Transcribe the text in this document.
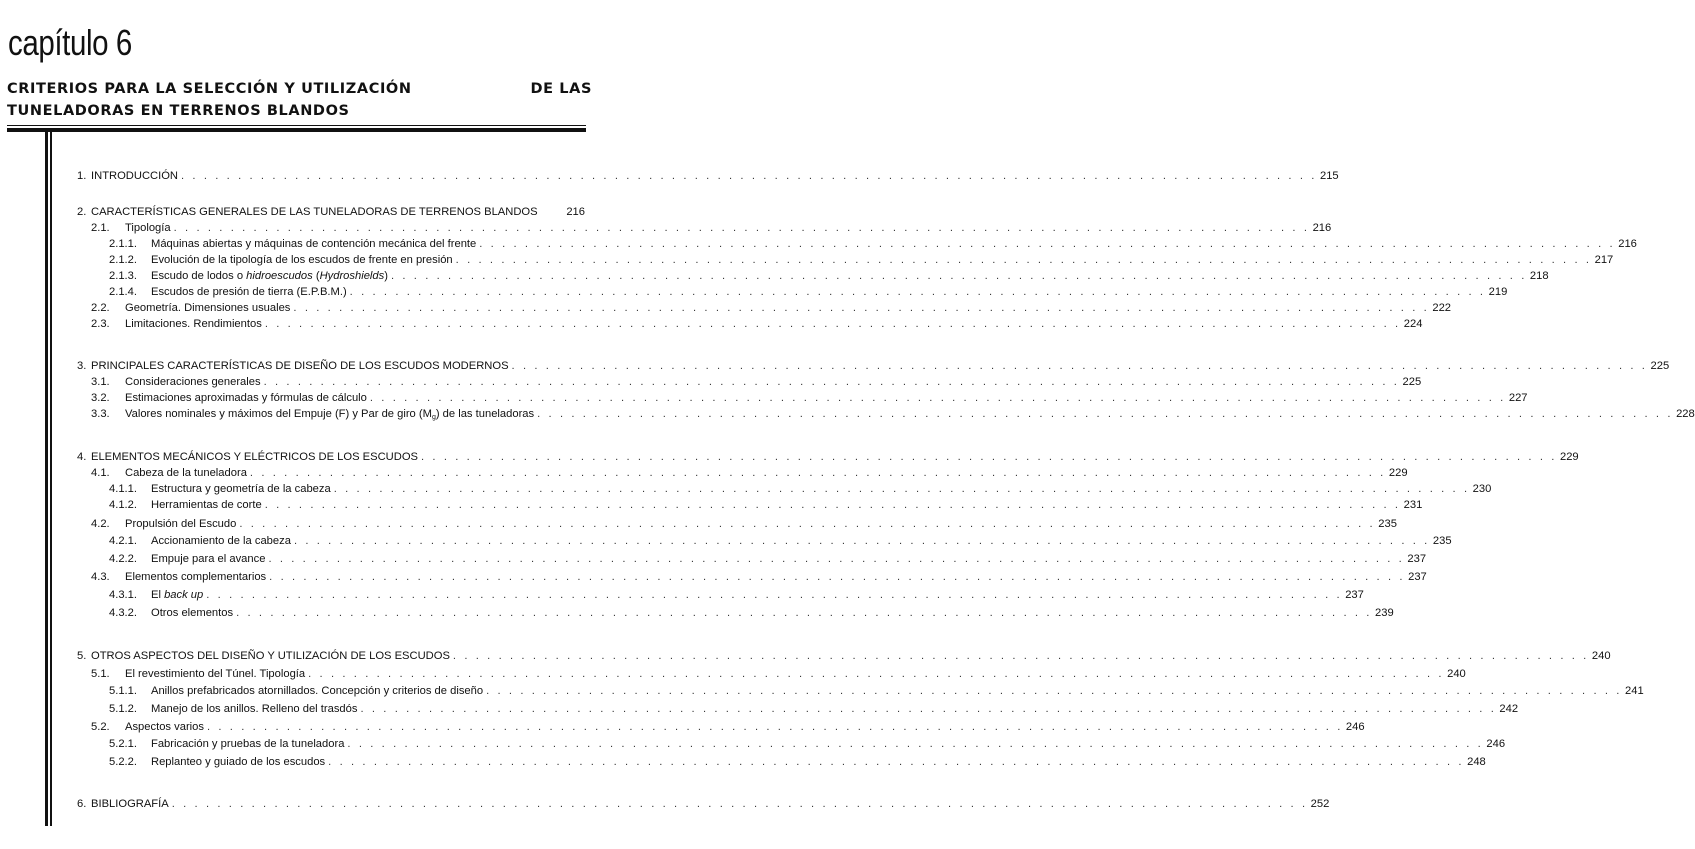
capítulo 6
CRITERIOS PARA LA SELECCIÓN Y UTILIZACIÓN	DE LAS
TUNELADORAS EN TERRENOS BLANDOS
1. INTRODUCCIÓN . . . . . . . . . . . . . . . . . . . . . . . . . . . . . . . . . . . . . . . . . . . . . . . . . . . . . . . . . . . . . . . . . . . . . . . . . . . . . . . . . . . . . . . . . . . . . . . . . . . . 215
2. CARACTERÍSTICAS GENERALES DE LAS TUNELADORAS DE TERRENOS BLANDOS	216
2.1.	Tipología . . . . . . . . . . . . . . . . . . . . . . . . . . . . . . . . . . . . . . . . . . . . . . . . . . . . . . . . . . . . . . . . . . . . . . . . . . . . . . . . . . . . . . . . . . . . . . . . . . . . 216
2.1.1.	Máquinas abiertas y máquinas de contención mecánica del frente . . . . . . . . . . . . . . . . . . . . . . . . . . . . . . . . . . . . . . . . . . . . . . . . . . . . . . . . . . . . . . . . . . . . . . . . . . . . . . . . . . . . . . . . . . . . . . . . . . . . 216
2.1.2.	Evolución de la tipología de los escudos de frente en presión . . . . . . . . . . . . . . . . . . . . . . . . . . . . . . . . . . . . . . . . . . . . . . . . . . . . . . . . . . . . . . . . . . . . . . . . . . . . . . . . . . . . . . . . . . . . . . . . . . . . 217
2.1.3.	Escudo de lodos o hidroescudos (Hydroshields) . . . . . . . . . . . . . . . . . . . . . . . . . . . . . . . . . . . . . . . . . . . . . . . . . . . . . . . . . . . . . . . . . . . . . . . . . . . . . . . . . . . . . . . . . . . . . . . . . . . . 218
2.1.4.	Escudos de presión de tierra (E.P.B.M.) . . . . . . . . . . . . . . . . . . . . . . . . . . . . . . . . . . . . . . . . . . . . . . . . . . . . . . . . . . . . . . . . . . . . . . . . . . . . . . . . . . . . . . . . . . . . . . . . . . . . 219
2.2.	Geometría. Dimensiones usuales . . . . . . . . . . . . . . . . . . . . . . . . . . . . . . . . . . . . . . . . . . . . . . . . . . . . . . . . . . . . . . . . . . . . . . . . . . . . . . . . . . . . . . . . . . . . . . . . . . . . 222
2.3.	Limitaciones. Rendimientos . . . . . . . . . . . . . . . . . . . . . . . . . . . . . . . . . . . . . . . . . . . . . . . . . . . . . . . . . . . . . . . . . . . . . . . . . . . . . . . . . . . . . . . . . . . . . . . . . . . . 224
3. PRINCIPALES CARACTERÍSTICAS DE DISEÑO DE LOS ESCUDOS MODERNOS . . . . . . . . . . . . . . . . . . . . . . . . . . . . . . . . . . . . . . . . . . . . . . . . . . . . . . . . . . . . . . . . . . . . . . . . . . . . . . . . . . . . . . . . . . . . . . . . . . . . 225
3.1.	Consideraciones generales . . . . . . . . . . . . . . . . . . . . . . . . . . . . . . . . . . . . . . . . . . . . . . . . . . . . . . . . . . . . . . . . . . . . . . . . . . . . . . . . . . . . . . . . . . . . . . . . . . . . 225
3.2.	Estimaciones aproximadas y fórmulas de cálculo . . . . . . . . . . . . . . . . . . . . . . . . . . . . . . . . . . . . . . . . . . . . . . . . . . . . . . . . . . . . . . . . . . . . . . . . . . . . . . . . . . . . . . . . . . . . . . . . . . . . 227
3.3.	Valores nominales y máximos del Empuje (F) y Par de giro $(M_g)$ de las tuneladoras . . . . . . . . . . . . . . . . . . . . . . . . . . . . . . . . . . . . . . . . . . . . . . . . . . . . . . . . . . . . . . . . . . . . . . . . . . . . . . . . . . . . . . . . . . . . . . . . . . . . 228
4. ELEMENTOS MECÁNICOS Y ELÉCTRICOS DE LOS ESCUDOS . . . . . . . . . . . . . . . . . . . . . . . . . . . . . . . . . . . . . . . . . . . . . . . . . . . . . . . . . . . . . . . . . . . . . . . . . . . . . . . . . . . . . . . . . . . . . . . . . . . . 229
4.1.	Cabeza de la tuneladora . . . . . . . . . . . . . . . . . . . . . . . . . . . . . . . . . . . . . . . . . . . . . . . . . . . . . . . . . . . . . . . . . . . . . . . . . . . . . . . . . . . . . . . . . . . . . . . . . . . . 229
4.1.1.	Estructura y geometría de la cabeza . . . . . . . . . . . . . . . . . . . . . . . . . . . . . . . . . . . . . . . . . . . . . . . . . . . . . . . . . . . . . . . . . . . . . . . . . . . . . . . . . . . . . . . . . . . . . . . . . . . . 230
4.1.2.	Herramientas de corte . . . . . . . . . . . . . . . . . . . . . . . . . . . . . . . . . . . . . . . . . . . . . . . . . . . . . . . . . . . . . . . . . . . . . . . . . . . . . . . . . . . . . . . . . . . . . . . . . . . . 231
4.2.	Propulsión del Escudo . . . . . . . . . . . . . . . . . . . . . . . . . . . . . . . . . . . . . . . . . . . . . . . . . . . . . . . . . . . . . . . . . . . . . . . . . . . . . . . . . . . . . . . . . . . . . . . . . . . . 235
4.2.1.	Accionamiento de la cabeza . . . . . . . . . . . . . . . . . . . . . . . . . . . . . . . . . . . . . . . . . . . . . . . . . . . . . . . . . . . . . . . . . . . . . . . . . . . . . . . . . . . . . . . . . . . . . . . . . . . . 235
4.2.2.	Empuje para el avance . . . . . . . . . . . . . . . . . . . . . . . . . . . . . . . . . . . . . . . . . . . . . . . . . . . . . . . . . . . . . . . . . . . . . . . . . . . . . . . . . . . . . . . . . . . . . . . . . . . . 237
4.3.	Elementos complementarios . . . . . . . . . . . . . . . . . . . . . . . . . . . . . . . . . . . . . . . . . . . . . . . . . . . . . . . . . . . . . . . . . . . . . . . . . . . . . . . . . . . . . . . . . . . . . . . . . . . . 237
4.3.1.	El back up . . . . . . . . . . . . . . . . . . . . . . . . . . . . . . . . . . . . . . . . . . . . . . . . . . . . . . . . . . . . . . . . . . . . . . . . . . . . . . . . . . . . . . . . . . . . . . . . . . . . 237
4.3.2.	Otros elementos . . . . . . . . . . . . . . . . . . . . . . . . . . . . . . . . . . . . . . . . . . . . . . . . . . . . . . . . . . . . . . . . . . . . . . . . . . . . . . . . . . . . . . . . . . . . . . . . . . . . 239
5. OTROS ASPECTOS DEL DISEÑO Y UTILIZACIÓN DE LOS ESCUDOS . . . . . . . . . . . . . . . . . . . . . . . . . . . . . . . . . . . . . . . . . . . . . . . . . . . . . . . . . . . . . . . . . . . . . . . . . . . . . . . . . . . . . . . . . . . . . . . . . . . . 240
5.1.	El revestimiento del Túnel. Tipología . . . . . . . . . . . . . . . . . . . . . . . . . . . . . . . . . . . . . . . . . . . . . . . . . . . . . . . . . . . . . . . . . . . . . . . . . . . . . . . . . . . . . . . . . . . . . . . . . . . . 240
5.1.1.	Anillos prefabricados atornillados. Concepción y criterios de diseño . . . . . . . . . . . . . . . . . . . . . . . . . . . . . . . . . . . . . . . . . . . . . . . . . . . . . . . . . . . . . . . . . . . . . . . . . . . . . . . . . . . . . . . . . . . . . . . . . . . . 241
5.1.2.	Manejo de los anillos. Relleno del trasdós . . . . . . . . . . . . . . . . . . . . . . . . . . . . . . . . . . . . . . . . . . . . . . . . . . . . . . . . . . . . . . . . . . . . . . . . . . . . . . . . . . . . . . . . . . . . . . . . . . . . 242
5.2.	Aspectos varios . . . . . . . . . . . . . . . . . . . . . . . . . . . . . . . . . . . . . . . . . . . . . . . . . . . . . . . . . . . . . . . . . . . . . . . . . . . . . . . . . . . . . . . . . . . . . . . . . . . . 246
5.2.1.	Fabricación y pruebas de la tuneladora . . . . . . . . . . . . . . . . . . . . . . . . . . . . . . . . . . . . . . . . . . . . . . . . . . . . . . . . . . . . . . . . . . . . . . . . . . . . . . . . . . . . . . . . . . . . . . . . . . . . 246
5.2.2.	Replanteo y guiado de los escudos . . . . . . . . . . . . . . . . . . . . . . . . . . . . . . . . . . . . . . . . . . . . . . . . . . . . . . . . . . . . . . . . . . . . . . . . . . . . . . . . . . . . . . . . . . . . . . . . . . . . 248
6. BIBLIOGRAFÍA . . . . . . . . . . . . . . . . . . . . . . . . . . . . . . . . . . . . . . . . . . . . . . . . . . . . . . . . . . . . . . . . . . . . . . . . . . . . . . . . . . . . . . . . . . . . . . . . . . . . 252
